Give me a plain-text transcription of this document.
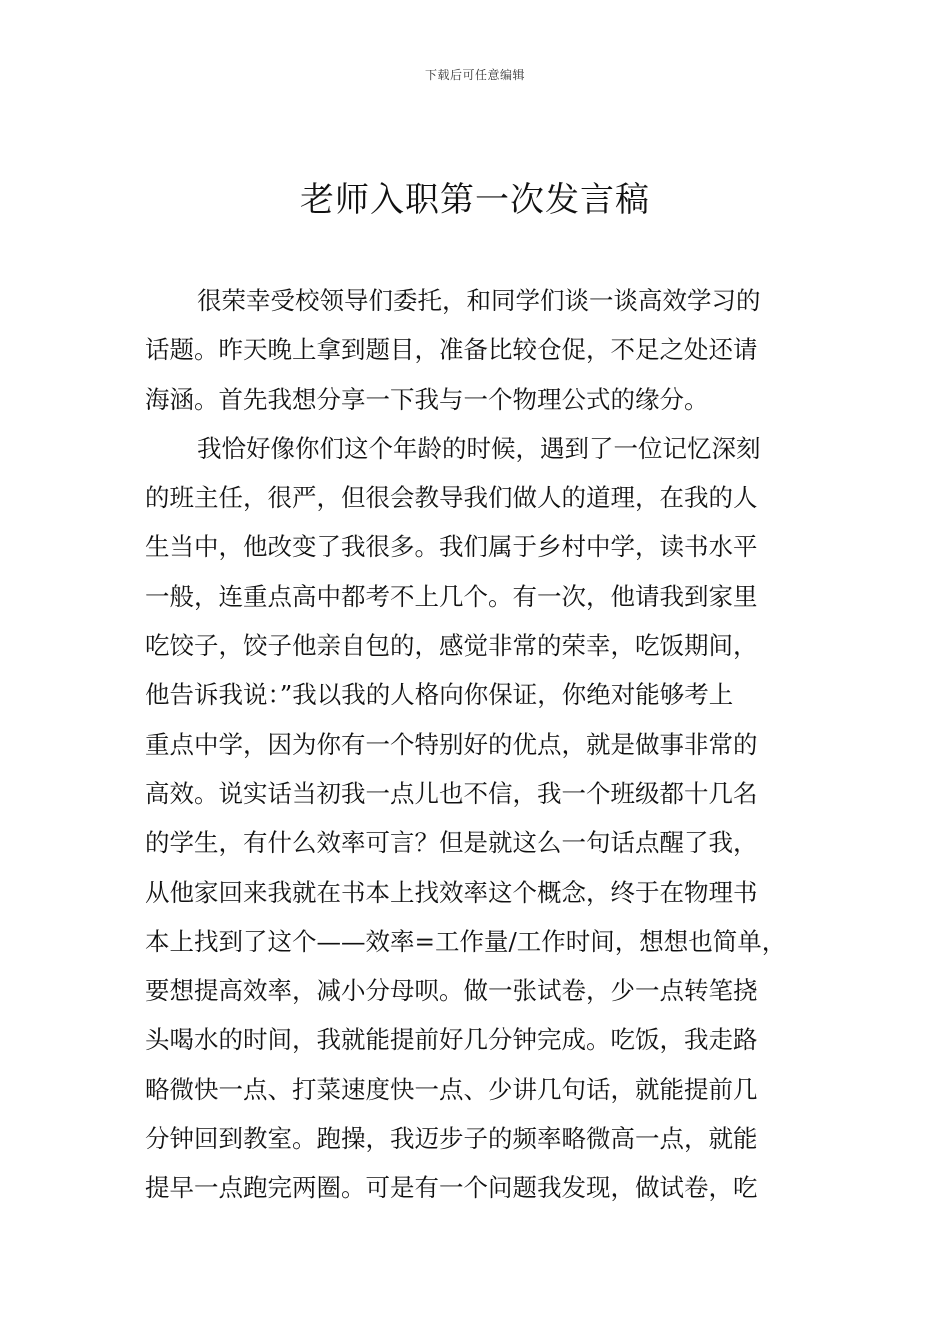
下载后可任意编辑
老师入职第一次发言稿
很荣幸受校领导们委托，和同学们谈一谈高效学习的
话题。昨天晚上拿到题目，准备比较仓促，不足之处还请
海涵。首先我想分享一下我与一个物理公式的缘分。
我恰好像你们这个年龄的时候，遇到了一位记忆深刻
的班主任，很严，但很会教导我们做人的道理，在我的人
生当中，他改变了我很多。我们属于乡村中学，读书水平
一般，连重点高中都考不上几个。有一次，他请我到家里
吃饺子，饺子他亲自包的，感觉非常的荣幸，吃饭期间，
他告诉我说：”我以我的人格向你保证，你绝对能够考上
重点中学，因为你有一个特别好的优点，就是做事非常的
高效。说实话当初我一点儿也不信，我一个班级都十几名
的学生，有什么效率可言？但是就这么一句话点醒了我，
从他家回来我就在书本上找效率这个概念，终于在物理书
本上找到了这个——效率=工作量/工作时间，想想也简单，
要想提高效率，减小分母呗。做一张试卷，少一点转笔挠
头喝水的时间，我就能提前好几分钟完成。吃饭，我走路
略微快一点、打菜速度快一点、少讲几句话，就能提前几
分钟回到教室。跑操，我迈步子的频率略微高一点，就能
提早一点跑完两圈。可是有一个问题我发现，做试卷，吃
